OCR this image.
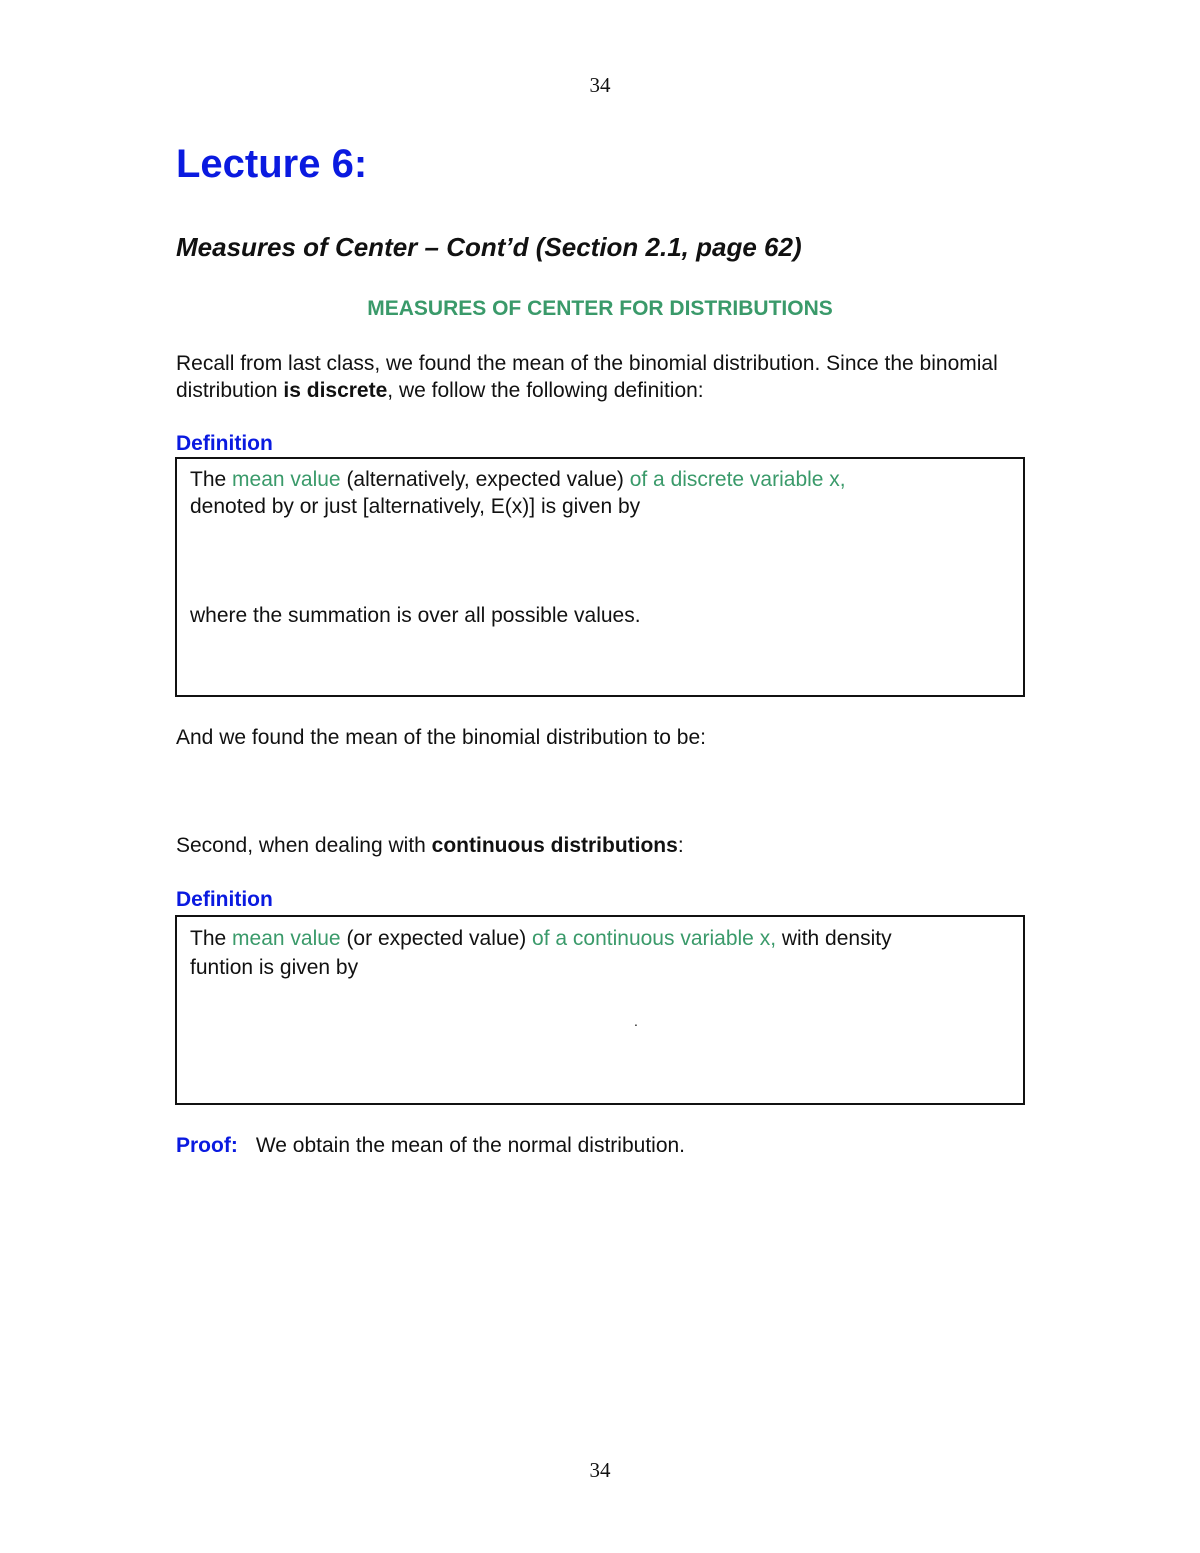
34
Lecture 6:
Measures of Center – Cont’d (Section 2.1, page 62)
MEASURES OF CENTER FOR DISTRIBUTIONS

Recall from last class, we found the mean of the binomial distribution. Since the binomial distribution is discrete, we follow the following definition:

Definition

The mean value (alternatively, expected value) of a discrete variable x,

denoted by or just [alternatively, E(x)] is given by

where the summation is over all possible values.

And we found the mean of the binomial distribution to be:

Second, when dealing with continuous distributions:

Definition

The mean value (or expected value) of a continuous variable x, with density

funtion is given by

.

Proof: We obtain the mean of the normal distribution.

34
